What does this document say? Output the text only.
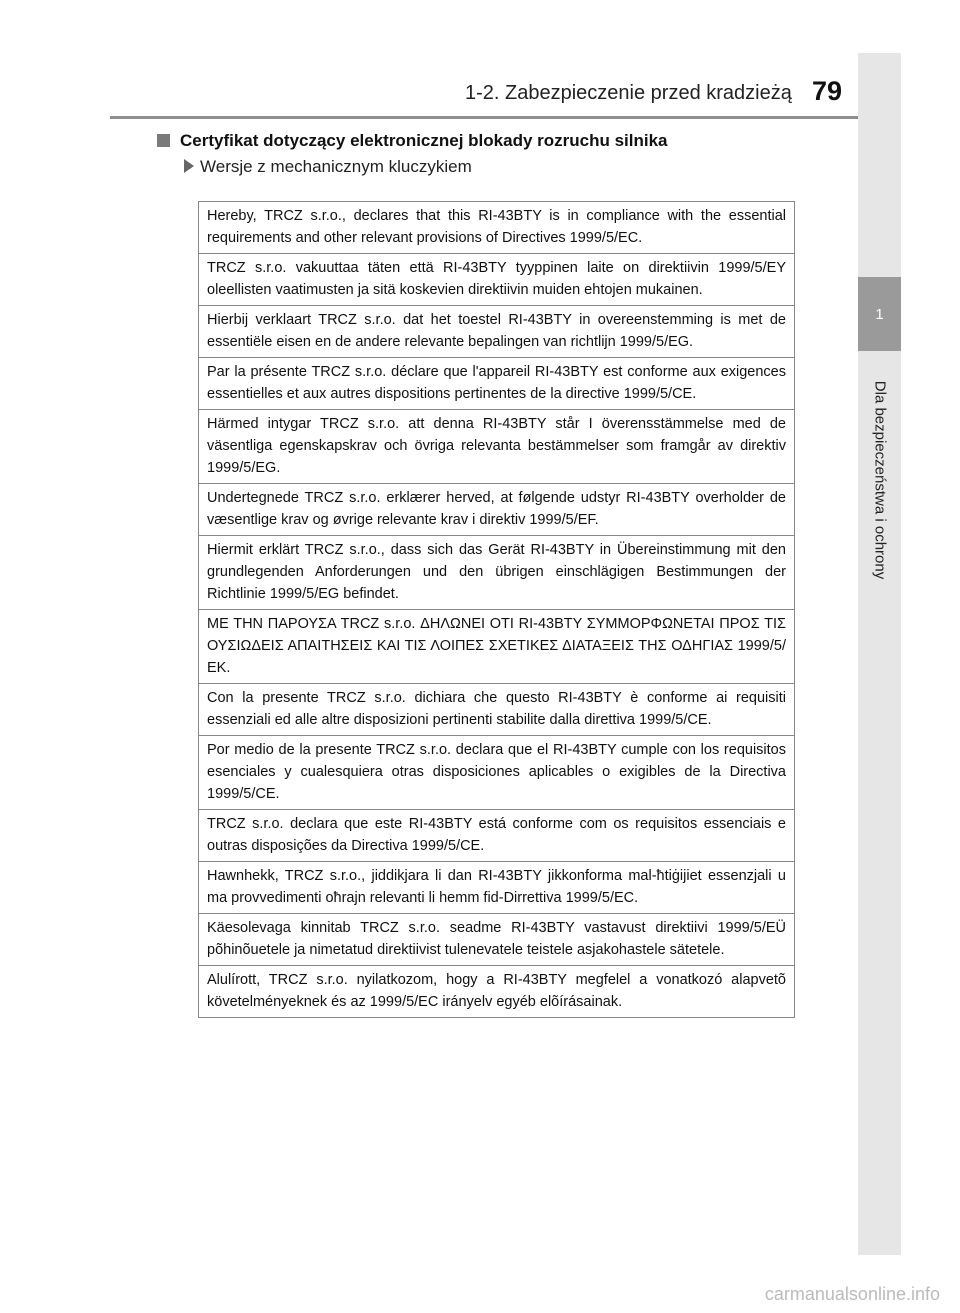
1-2. Zabezpieczenie przed kradzieżą 79
1
Dla bezpieczeństwa i ochrony
Certyfikat dotyczący elektronicznej blokady rozruchu silnika
Wersje z mechanicznym kluczykiem
Hereby, TRCZ s.r.o., declares that this RI-43BTY is in compliance with the essential requirements and other relevant provisions of Directives 1999/5/EC.
TRCZ s.r.o. vakuuttaa täten että RI-43BTY tyyppinen laite on direktiivin 1999/5/EY oleellisten vaatimusten ja sitä koskevien direktiivin muiden ehtojen mukainen.
Hierbij verklaart TRCZ s.r.o. dat het toestel RI-43BTY in overeenstemming is met de essentiële eisen en de andere relevante bepalingen van richtlijn 1999/5/EG.
Par la présente TRCZ s.r.o. déclare que l'appareil RI-43BTY est conforme aux exigences essentielles et aux autres dispositions pertinentes de la directive 1999/5/CE.
Härmed intygar TRCZ s.r.o. att denna RI-43BTY står I överensstämmelse med de väsentliga egenskapskrav och övriga relevanta bestämmelser som framgår av direktiv 1999/5/EG.
Undertegnede TRCZ s.r.o. erklærer herved, at følgende udstyr RI-43BTY overholder de væsentlige krav og øvrige relevante krav i direktiv 1999/5/EF.
Hiermit erklärt TRCZ s.r.o., dass sich das Gerät RI-43BTY in Übereinstimmung mit den grundlegenden Anforderungen und den übrigen einschlägigen Bestimmungen der Richtlinie 1999/5/EG befindet.
ΜΕ ΤΗΝ ΠΑΡΟΥΣΑ TRCZ s.r.o. ΔΗΛΩΝΕΙ ΟΤΙ RI-43BTY ΣΥΜΜΟΡΦΩΝΕΤΑΙ ΠΡΟΣ ΤΙΣ ΟΥΣΙΩΔΕΙΣ ΑΠΑΙΤΗΣΕΙΣ ΚΑΙ ΤΙΣ ΛΟΙΠΕΣ ΣΧΕΤΙΚΕΣ ΔΙΑΤΑΞΕΙΣ ΤΗΣ ΟΔΗΓΙΑΣ 1999/5/ΕΚ.
Con la presente TRCZ s.r.o. dichiara che questo RI-43BTY è conforme ai requisiti essenziali ed alle altre disposizioni pertinenti stabilite dalla direttiva 1999/5/CE.
Por medio de la presente TRCZ s.r.o. declara que el RI-43BTY cumple con los requisitos esenciales y cualesquiera otras disposiciones aplicables o exigibles de la Directiva 1999/5/CE.
TRCZ s.r.o. declara que este RI-43BTY está conforme com os requisitos essenciais e outras disposições da Directiva 1999/5/CE.
Hawnhekk, TRCZ s.r.o., jiddikjara li dan RI-43BTY jikkonforma mal-ħtiġijiet essenzjali u ma provvedimenti oħrajn relevanti li hemm fid-Dirrettiva 1999/5/EC.
Käesolevaga kinnitab TRCZ s.r.o. seadme RI-43BTY vastavust direktiivi 1999/5/EÜ põhinõuetele ja nimetatud direktiivist tulenevatele teistele asjakohastele sätetele.
Alulírott, TRCZ s.r.o. nyilatkozom, hogy a RI-43BTY megfelel a vonatkozó alapvetõ követelményeknek és az 1999/5/EC irányelv egyéb elõírásainak.
carmanualsonline.info
